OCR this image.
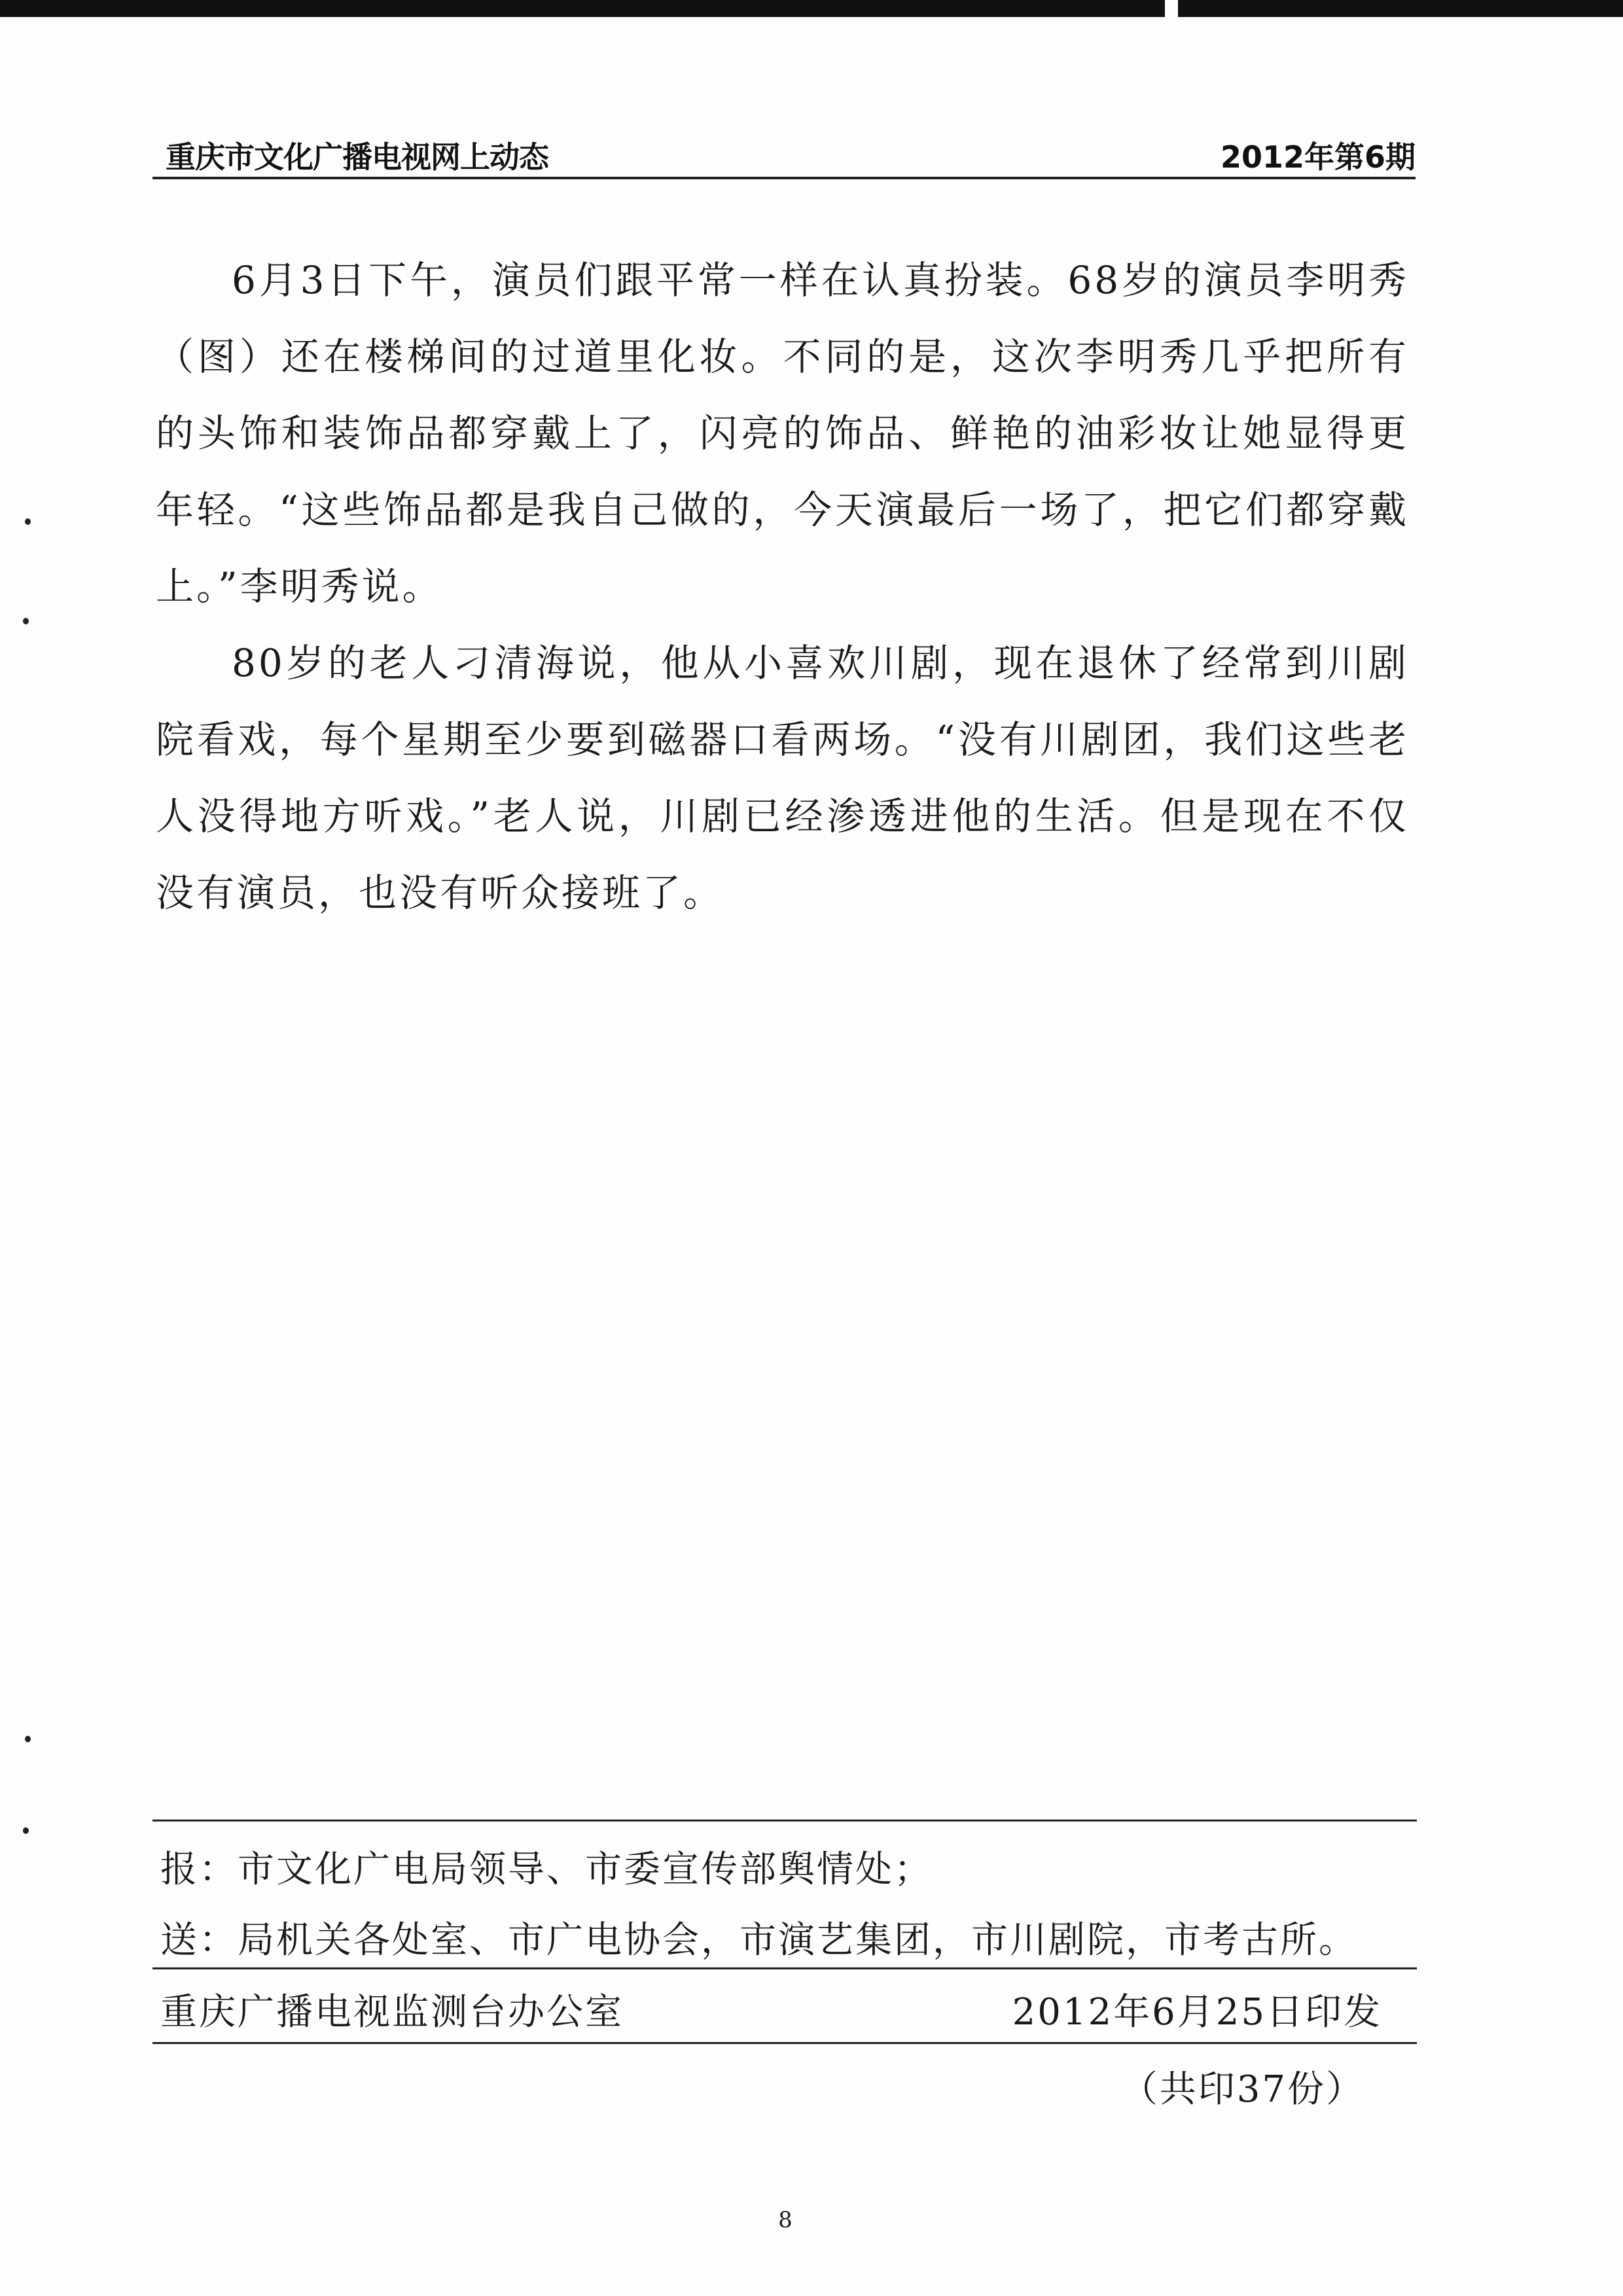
重庆市文化广播电视网上动态	2012年第6期

6月3日下午，演员们跟平常一样在认真扮装。68岁的演员李明秀（图）还在楼梯间的过道里化妆。不同的是，这次李明秀几乎把所有的头饰和装饰品都穿戴上了，闪亮的饰品、鲜艳的油彩妆让她显得更年轻。“这些饰品都是我自己做的，今天演最后一场了，把它们都穿戴上。”李明秀说。

80岁的老人刁清海说，他从小喜欢川剧，现在退休了经常到川剧院看戏，每个星期至少要到磁器口看两场。“没有川剧团，我们这些老人没得地方听戏。”老人说，川剧已经渗透进他的生活。但是现在不仅没有演员，也没有听众接班了。

报：市文化广电局领导、市委宣传部舆情处；
送：局机关各处室、市广电协会，市演艺集团，市川剧院，市考古所。
重庆广播电视监测台办公室	2012年6月25日印发
（共印37份）
8
